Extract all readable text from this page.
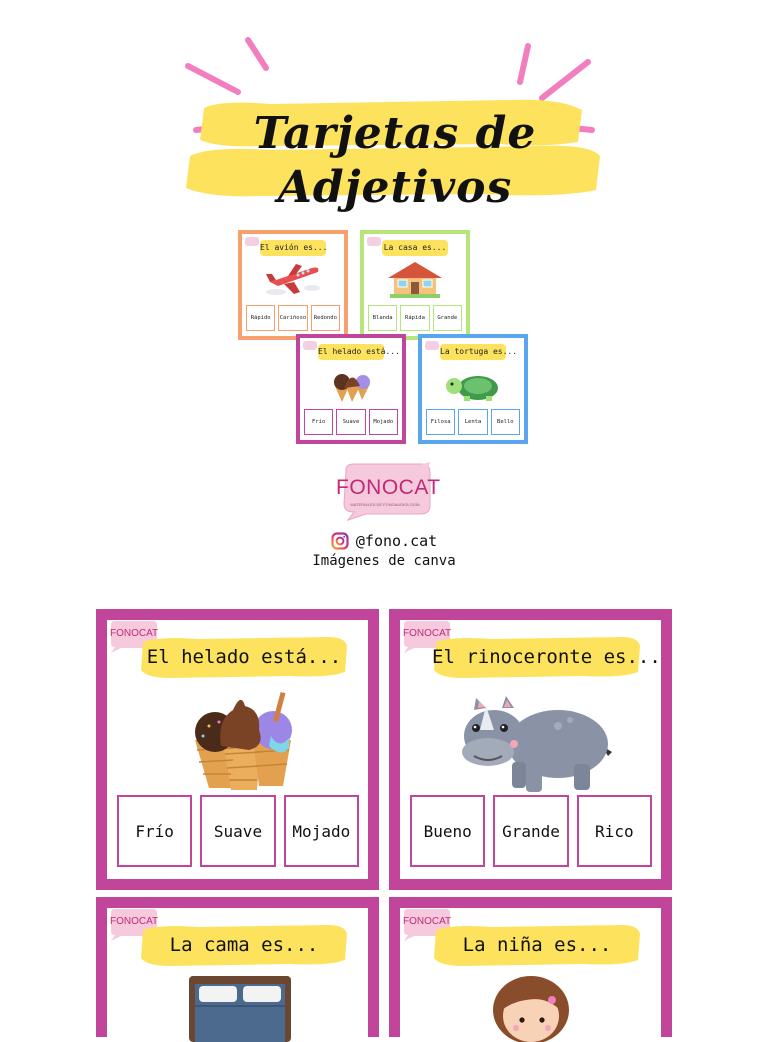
Tarjetas de
Adjetivos
El avión es...
Rápido	Cariñoso	Redondo
La casa es...
Blanda	Rápida	Grande
El helado está...
Frío	Suave	Mojado
La tortuga es...
Filosa	Lenta	Bello
FONOCAT
MATERIALES DE FONOAUDIOLOGÍA
@fono.cat
Imágenes de canva
FONOCAT
El helado está...
Frío	Suave	Mojado
FONOCAT
El rinoceronte es...
Bueno	Grande	Rico
FONOCAT
La cama es...
FONOCAT
La niña es...
